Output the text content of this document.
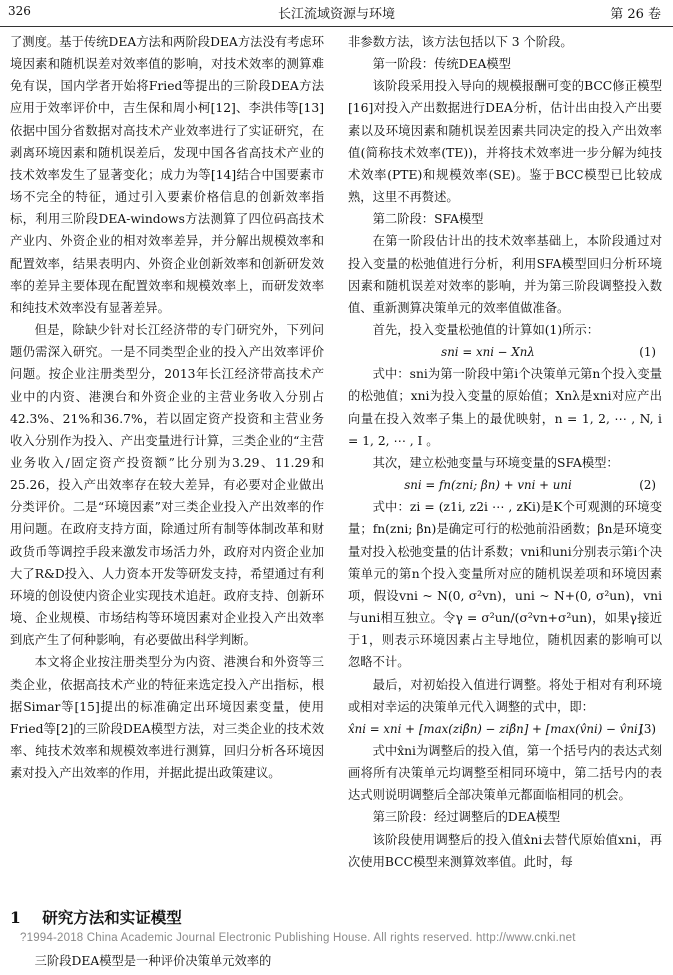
326	长江流域资源与环境	第 26 卷

了测度。基于传统DEA方法和两阶段DEA方法没有考虑环境因素和随机误差对效率值的影响，对技术效率的测算难免有误，国内学者开始将Fried等提出的三阶段DEA方法应用于效率评价中，吉生保和周小柯[12]、李洪伟等[13]依据中国分省数据对高技术产业效率进行了实证研究，在剥离环境因素和随机误差后，发现中国各省高技术产业的技术效率发生了显著变化；成力为等[14]结合中国要素市场不完全的特征，通过引入要素价格信息的创新效率指标，利用三阶段DEA-windows方法测算了四位码高技术产业内、外资企业的相对效率差异，并分解出规模效率和配置效率，结果表明内、外资企业创新效率和创新研发效率的差异主要体现在配置效率和规模效率上，而研发效率和纯技术效率没有显著差异。

但是，除缺少针对长江经济带的专门研究外，下列问题仍需深入研究。一是不同类型企业的投入产出效率评价问题。按企业注册类型分，2013年长江经济带高技术产业中的内资、港澳台和外资企业的主营业务收入分别占42.3%、21%和36.7%，若以固定资产投资和主营业务收入分别作为投入、产出变量进行计算，三类企业的“主营业务收入/固定资产投资额”比分别为3.29、11.29和25.26，投入产出效率存在较大差异，有必要对企业做出分类评价。二是“环境因素”对三类企业投入产出效率的作用问题。在政府支持方面，除通过所有制等体制改革和财政货币等调控手段来激发市场活力外，政府对内资企业加大了R&D投入、人力资本开发等研发支持，希望通过有利环境的创设使内资企业实现技术追赶。政府支持、创新环境、企业规模、市场结构等环境因素对企业投入产出效率到底产生了何种影响，有必要做出科学判断。

本文将企业按注册类型分为内资、港澳台和外资等三类企业，依据高技术产业的特征来选定投入产出指标，根据Simar等[15]提出的标准确定出环境因素变量，使用Fried等[2]的三阶段DEA模型方法，对三类企业的技术效率、纯技术效率和规模效率进行测算，回归分析各环境因素对投入产出效率的作用，并据此提出政策建议。

1 研究方法和实证模型
?1994-2018 China Academic Journal Electronic Publishing House. All rights reserved. http://www.cnki.net
三阶段DEA模型是一种评价决策单元效率的

非参数方法，该方法包括以下 3 个阶段。

第一阶段：传统DEA模型

该阶段采用投入导向的规模报酬可变的BCC修正模型[16]对投入产出数据进行DEA分析，估计出由投入产出要素以及环境因素和随机误差因素共同决定的投入产出效率值(简称技术效率(TE))，并将技术效率进一步分解为纯技术效率(PTE)和规模效率(SE)。鉴于BCC模型已比较成熟，这里不再赘述。

第二阶段：SFA模型

在第一阶段估计出的技术效率基础上，本阶段通过对投入变量的松弛值进行分析，利用SFA模型回归分析环境因素和随机误差对效率的影响，并为第三阶段调整投入数值、重新测算决策单元的效率值做准备。

首先，投入变量松弛值的计算如(1)所示：

sni = xni − Xnλ	(1)

式中：sni为第一阶段中第i个决策单元第n个投入变量的松弛值；xni为投入变量的原始值；Xnλ是xni对应产出向量在投入效率子集上的最优映射，n = 1, 2, ⋯ , N, i = 1, 2, ⋯ , I 。

其次，建立松弛变量与环境变量的SFA模型：

sni = fn(zni; βn) + vni + uni	(2)

式中：zi = (z1i, z2i ⋯ , zKi)是K个可观测的环境变量；fn(zni; βn)是确定可行的松弛前沿函数；βn是环境变量对投入松弛变量的估计系数；vni和uni分别表示第i个决策单元的第n个投入变量所对应的随机误差项和环境因素项，假设vni ~ N(0, σ²vn)，uni ~ N+(0, σ²un)，vni与uni相互独立。令γ = σ²un/(σ²vn+σ²un)，如果γ接近于1，则表示环境因素占主导地位，随机因素的影响可以忽略不计。

最后，对初始投入值进行调整。将处于相对有利环境或相对幸运的决策单元代入调整的式中，即：

x̂ni = xni + [max(ziβ̂n) − ziβ̂n] + [max(v̂ni) − v̂ni]
(3)

式中x̂ni为调整后的投入值，第一个括号内的表达式刻画将所有决策单元均调整至相同环境中，第二括号内的表达式则说明调整后全部决策单元都面临相同的机会。

第三阶段：经过调整后的DEA模型

该阶段使用调整后的投入值x̂ni去替代原始值xni，再次使用BCC模型来测算效率值。此时，每
